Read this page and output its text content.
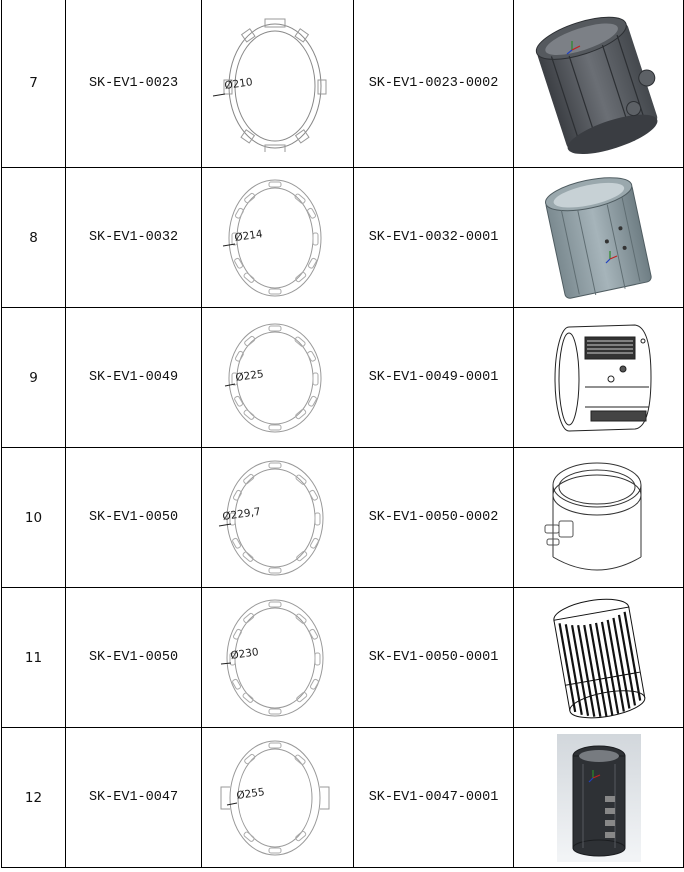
7	SK-EV1-0023	Ø210	SK-EV1-0023-0002	

8	SK-EV1-0032	Ø214	SK-EV1-0032-0001	

9	SK-EV1-0049	Ø225	SK-EV1-0049-0001	

10	SK-EV1-0050	Ø229,7	SK-EV1-0050-0002	

11	SK-EV1-0050	Ø230	SK-EV1-0050-0001	

12	SK-EV1-0047	Ø255	SK-EV1-0047-0001	
